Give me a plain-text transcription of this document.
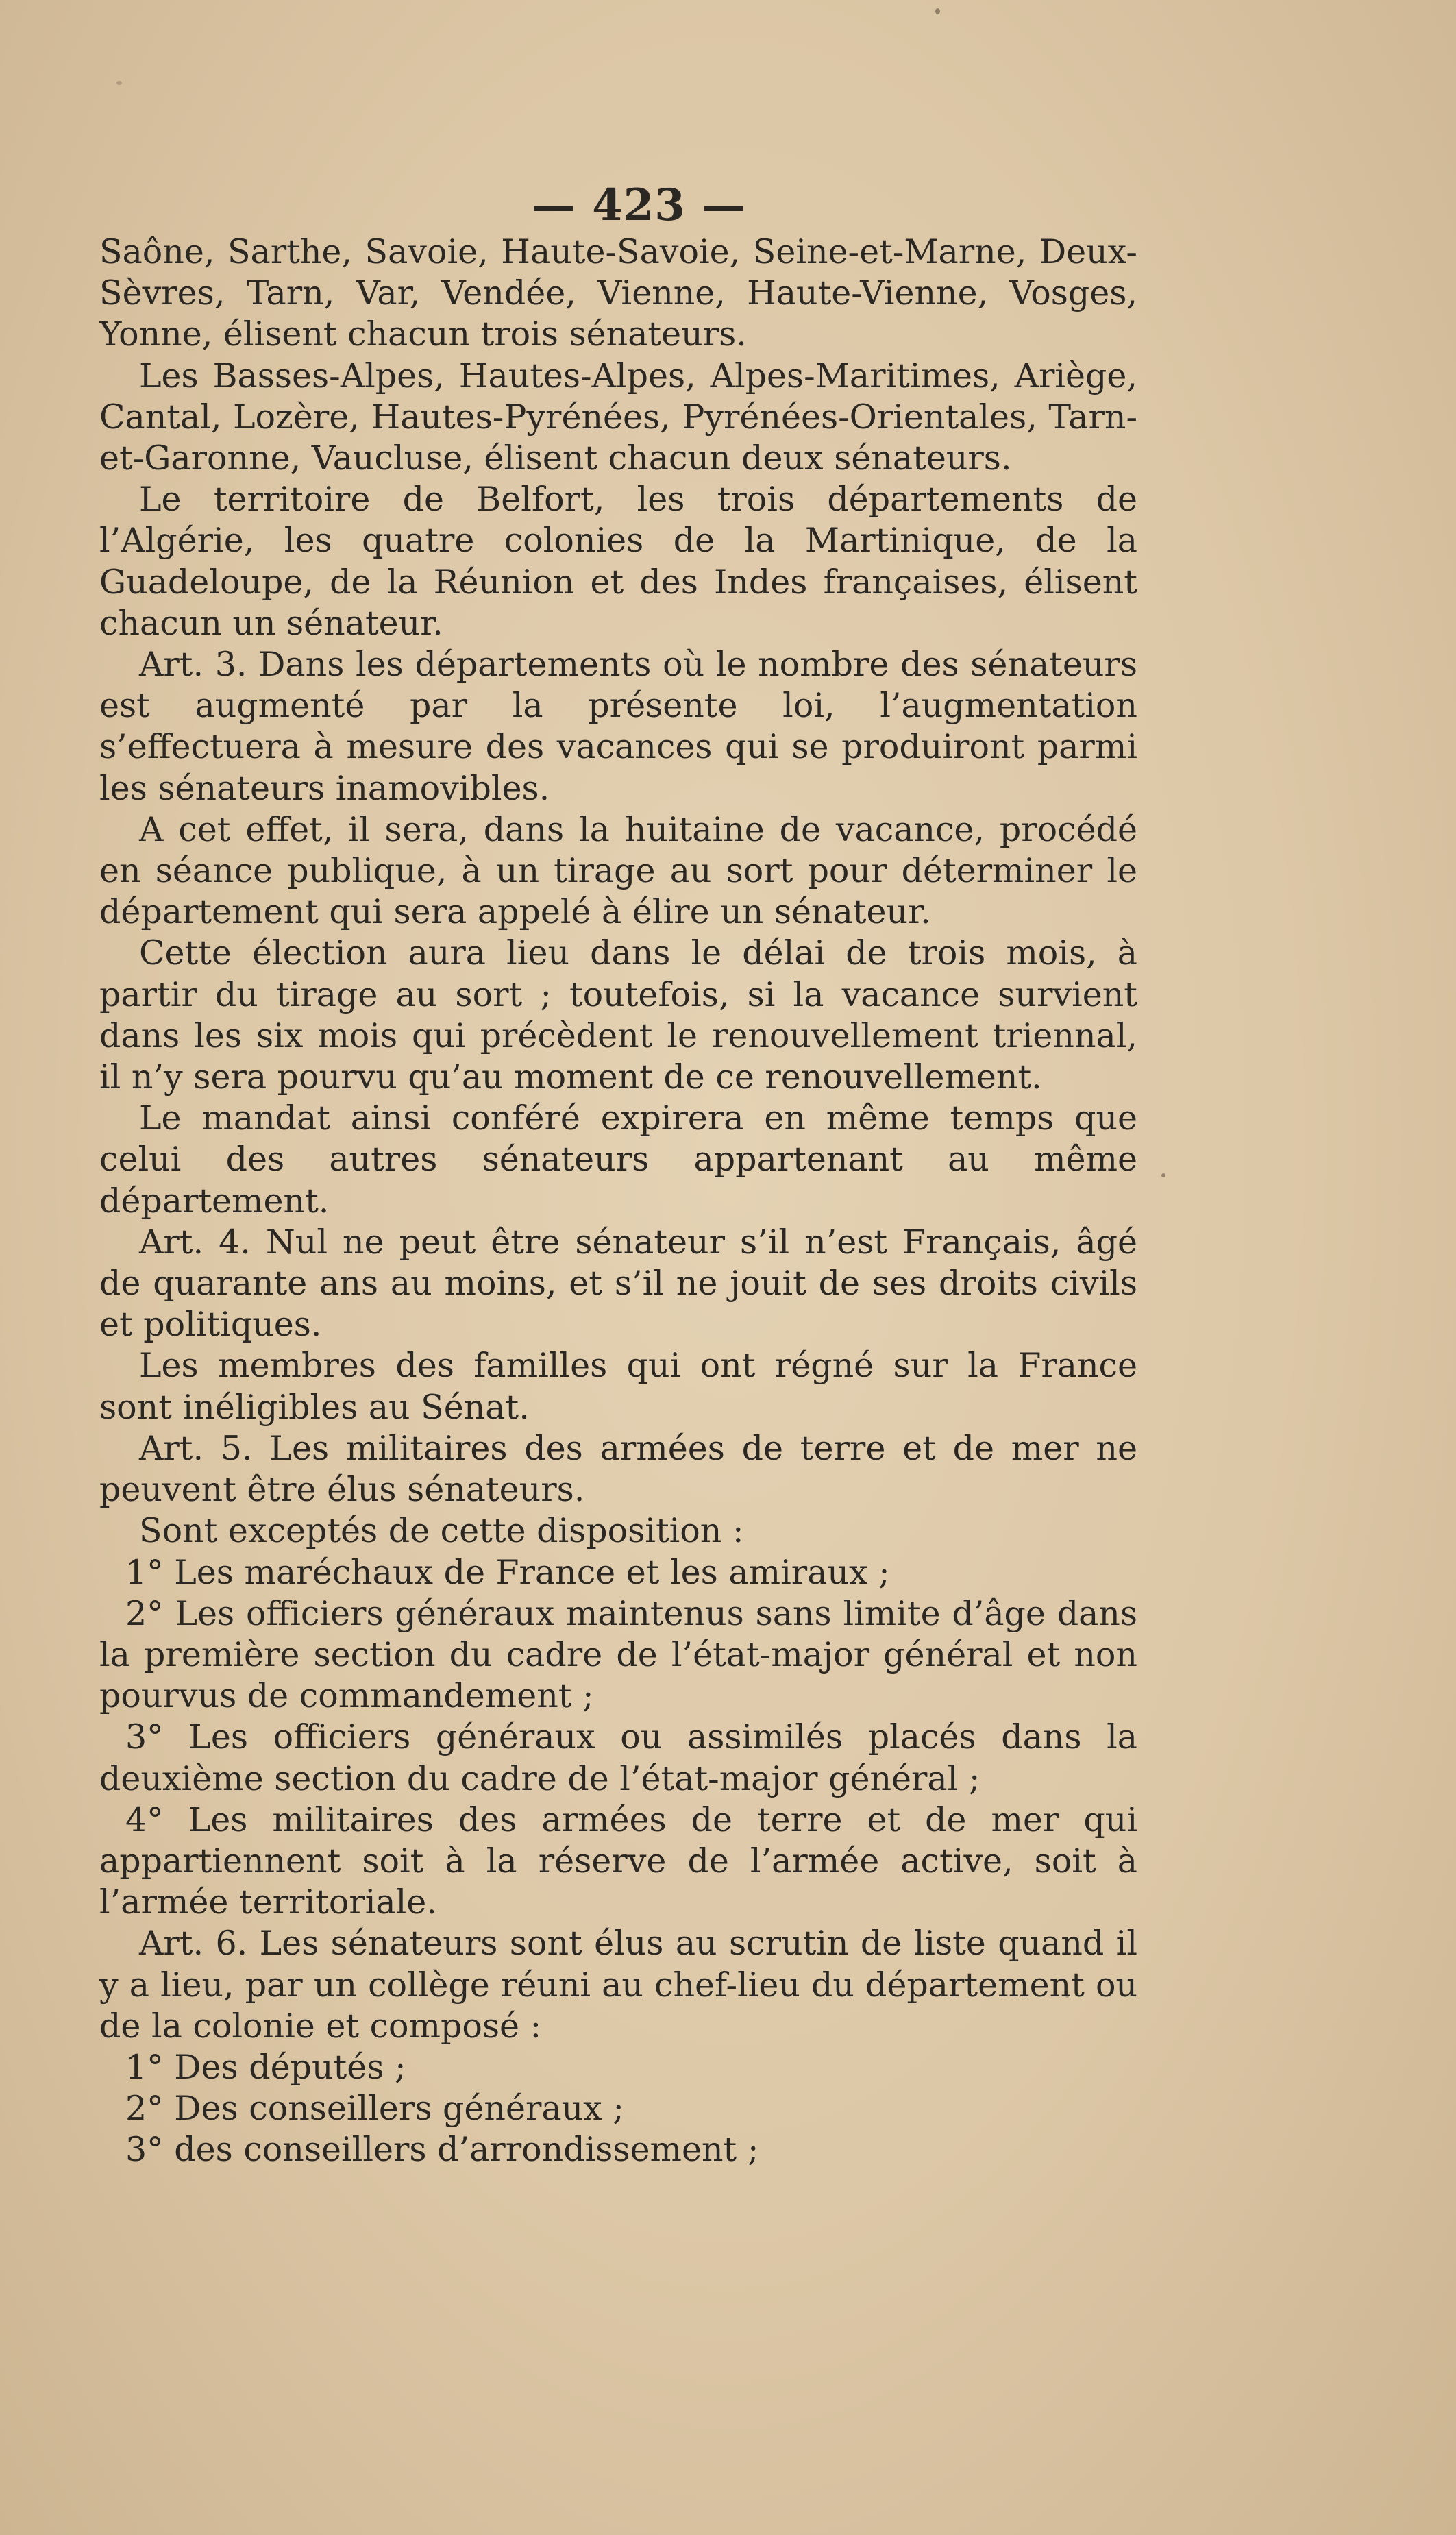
— 423 —

Saône, Sarthe, Savoie, Haute-Savoie, Seine-et-Marne, Deux-Sèvres, Tarn, Var, Vendée, Vienne, Haute-Vienne, Vosges, Yonne, élisent chacun trois sénateurs.

Les Basses-Alpes, Hautes-Alpes, Alpes-Maritimes, Ariège, Cantal, Lozère, Hautes-Pyrénées, Pyrénées-Orientales, Tarn-et-Garonne, Vaucluse, élisent chacun deux sénateurs.

Le territoire de Belfort, les trois départements de l’Algérie, les quatre colonies de la Martinique, de la Guadeloupe, de la Réunion et des Indes françaises, élisent chacun un sénateur.

Art. 3. Dans les départements où le nombre des sénateurs est augmenté par la présente loi, l’augmentation s’effectuera à mesure des vacances qui se produiront parmi les sénateurs inamovibles.

A cet effet, il sera, dans la huitaine de vacance, procédé en séance publique, à un tirage au sort pour déterminer le département qui sera appelé à élire un sénateur.

Cette élection aura lieu dans le délai de trois mois, à partir du tirage au sort ; toutefois, si la vacance survient dans les six mois qui précèdent le renouvellement triennal, il n’y sera pourvu qu’au moment de ce renouvellement.

Le mandat ainsi conféré expirera en même temps que celui des autres sénateurs appartenant au même département.

Art. 4. Nul ne peut être sénateur s’il n’est Français, âgé de quarante ans au moins, et s’il ne jouit de ses droits civils et politiques.

Les membres des familles qui ont régné sur la France sont inéligibles au Sénat.

Art. 5. Les militaires des armées de terre et de mer ne peuvent être élus sénateurs.

Sont exceptés de cette disposition :

1° Les maréchaux de France et les amiraux ;

2° Les officiers généraux maintenus sans limite d’âge dans la première section du cadre de l’état-major général et non pourvus de commandement ;

3° Les officiers généraux ou assimilés placés dans la deuxième section du cadre de l’état-major général ;

4° Les militaires des armées de terre et de mer qui appartiennent soit à la réserve de l’armée active, soit à l’armée territoriale.

Art. 6. Les sénateurs sont élus au scrutin de liste quand il y a lieu, par un collège réuni au chef-lieu du département ou de la colonie et composé :

1° Des députés ;

2° Des conseillers généraux ;

3° des conseillers d’arrondissement ;
